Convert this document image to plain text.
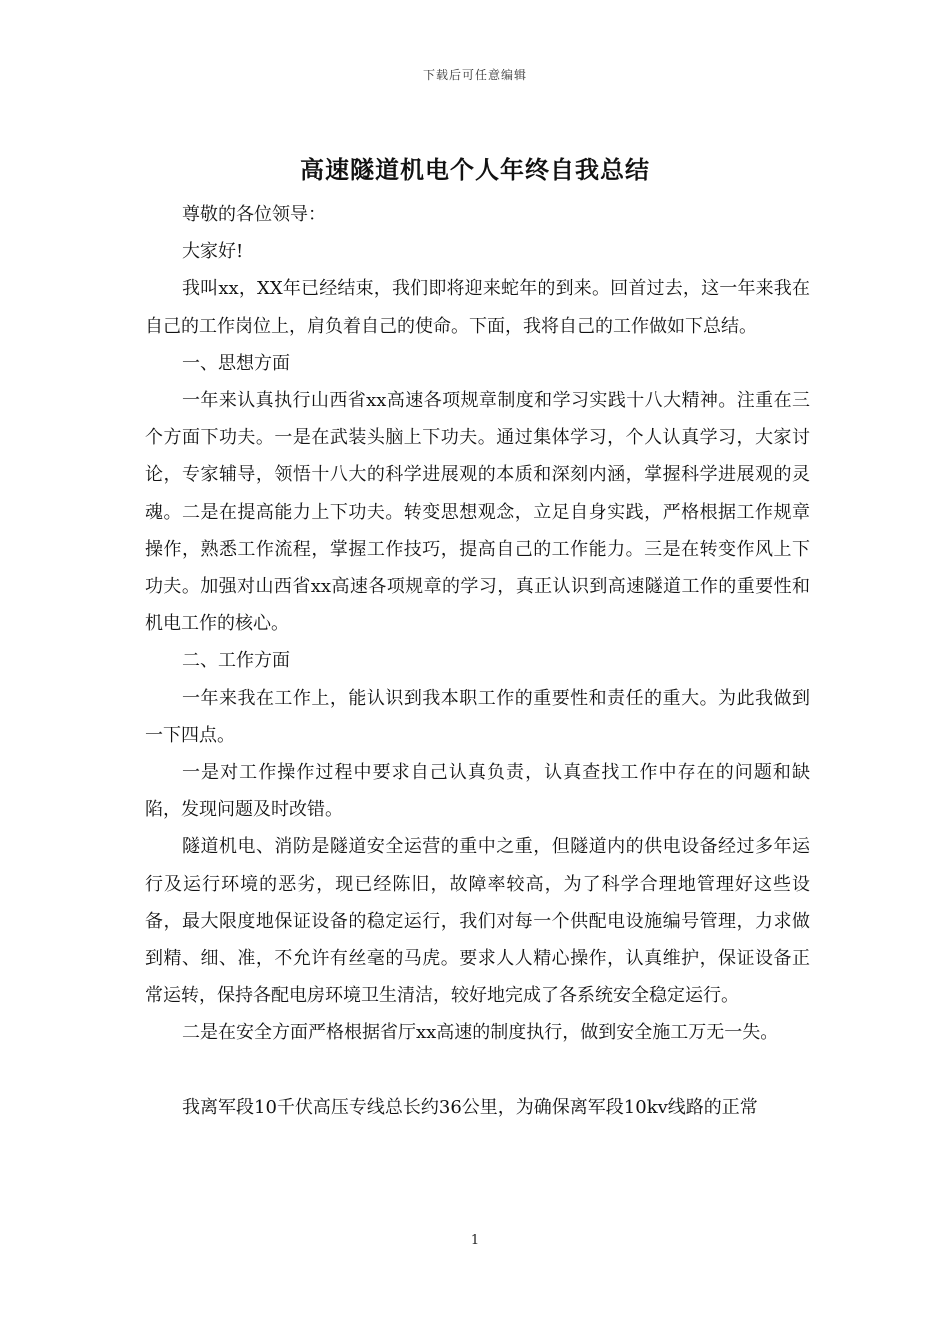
下载后可任意编辑
高速隧道机电个人年终自我总结

尊敬的各位领导：

大家好!

我叫xx，XX年已经结束，我们即将迎来蛇年的到来。回首过去，这一年来我在自己的工作岗位上，肩负着自己的使命。下面，我将自己的工作做如下总结。

一、思想方面

一年来认真执行山西省xx高速各项规章制度和学习实践十八大精神。注重在三个方面下功夫。一是在武装头脑上下功夫。通过集体学习，个人认真学习，大家讨论，专家辅导，领悟十八大的科学进展观的本质和深刻内涵，掌握科学进展观的灵魂。二是在提高能力上下功夫。转变思想观念，立足自身实践，严格根据工作规章操作，熟悉工作流程，掌握工作技巧，提高自己的工作能力。三是在转变作风上下功夫。加强对山西省xx高速各项规章的学习，真正认识到高速隧道工作的重要性和机电工作的核心。

二、工作方面

一年来我在工作上，能认识到我本职工作的重要性和责任的重大。为此我做到一下四点。

一是对工作操作过程中要求自己认真负责，认真查找工作中存在的问题和缺陷，发现问题及时改错。

隧道机电、消防是隧道安全运营的重中之重，但隧道内的供电设备经过多年运行及运行环境的恶劣，现已经陈旧，故障率较高，为了科学合理地管理好这些设备，最大限度地保证设备的稳定运行，我们对每一个供配电设施编号管理，力求做到精、细、准，不允许有丝毫的马虎。要求人人精心操作，认真维护，保证设备正常运转，保持各配电房环境卫生清洁，较好地完成了各系统安全稳定运行。

二是在安全方面严格根据省厅xx高速的制度执行，做到安全施工万无一失。

我离军段10千伏高压专线总长约36公里，为确保离军段10kv线路的正常

1
